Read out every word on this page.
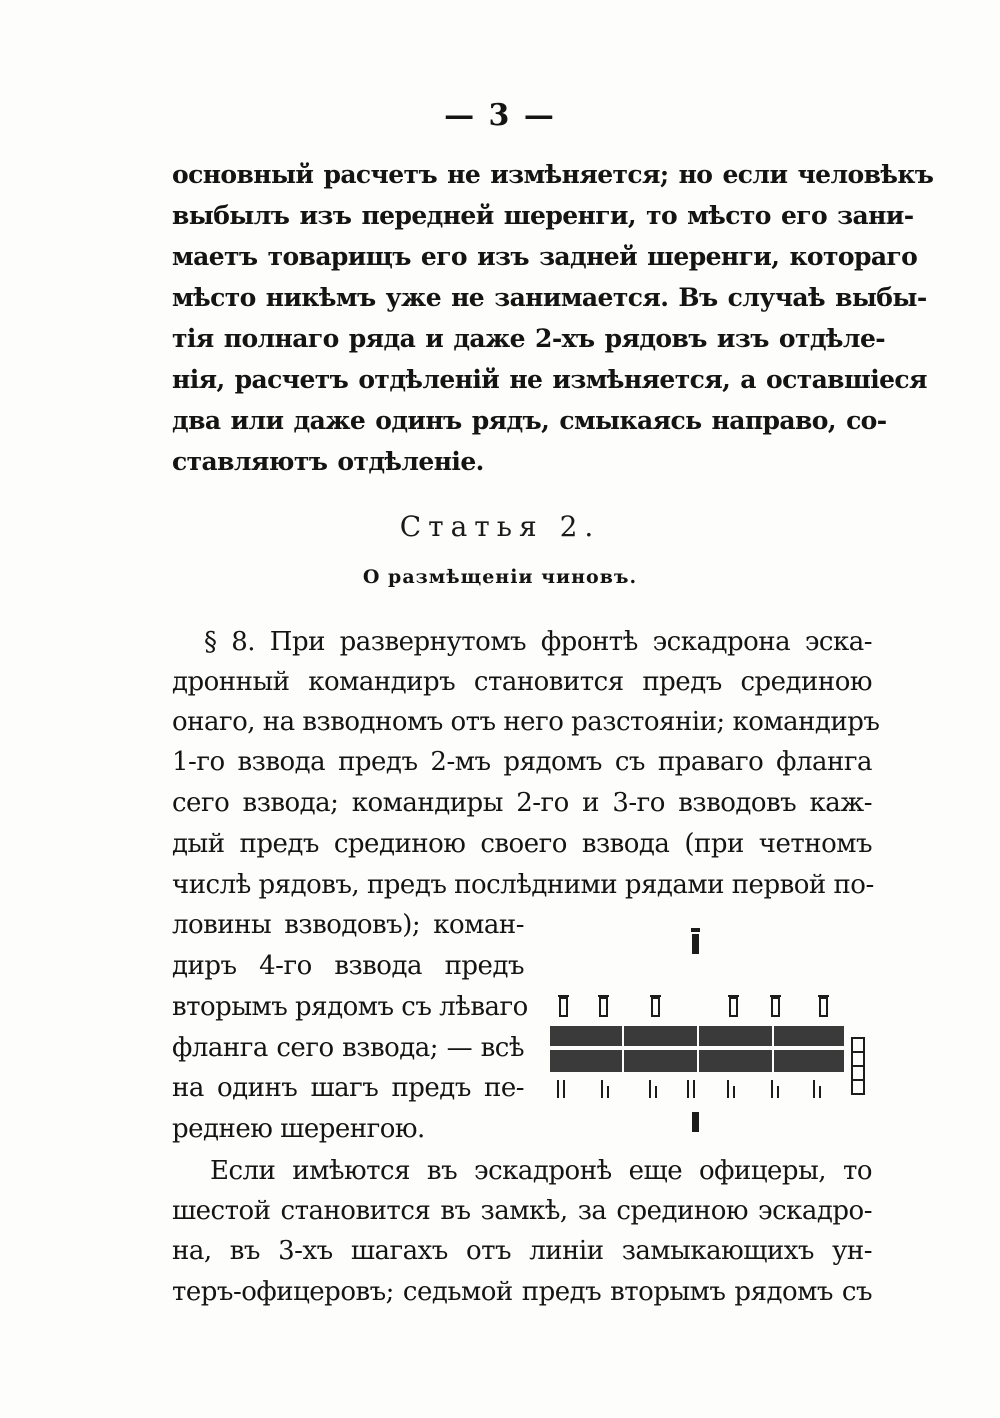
— 3 —
основный расчетъ не измѣняется; но если человѣкъ
выбылъ изъ передней шеренги, то мѣсто его зани-
маетъ товарищъ его изъ задней шеренги, котораго
мѣсто никѣмъ уже не занимается. Въ случаѣ выбы-
тія полнаго ряда и даже 2-хъ рядовъ изъ отдѣле-
нія, расчетъ отдѣленій не измѣняется, а оставшіеся
два или даже одинъ рядъ, смыкаясь направо, со-
ставляютъ отдѣленіе.
Статья 2.
О размѣщеніи чиновъ.
§ 8. При развернутомъ фронтѣ эскадрона эска-
дронный командиръ становится предъ срединою
онаго, на взводномъ отъ него разстояніи; командиръ
1-го взвода предъ 2-мъ рядомъ съ праваго фланга
сего взвода; командиры 2-го и 3-го взводовъ каж-
дый предъ срединою своего взвода (при четномъ
числѣ рядовъ, предъ послѣдними рядами первой по-
ловины взводовъ); коман-
диръ 4-го взвода предъ
вторымъ рядомъ съ лѣваго
фланга сего взвода; — всѣ
на одинъ шагъ предъ пе-
реднею шеренгою.
Если имѣются въ эскадронѣ еще офицеры, то
шестой становится въ замкѣ, за срединою эскадро-
на, въ 3-хъ шагахъ отъ линіи замыкающихъ ун-
теръ-офицеровъ; седьмой предъ вторымъ рядомъ съ
